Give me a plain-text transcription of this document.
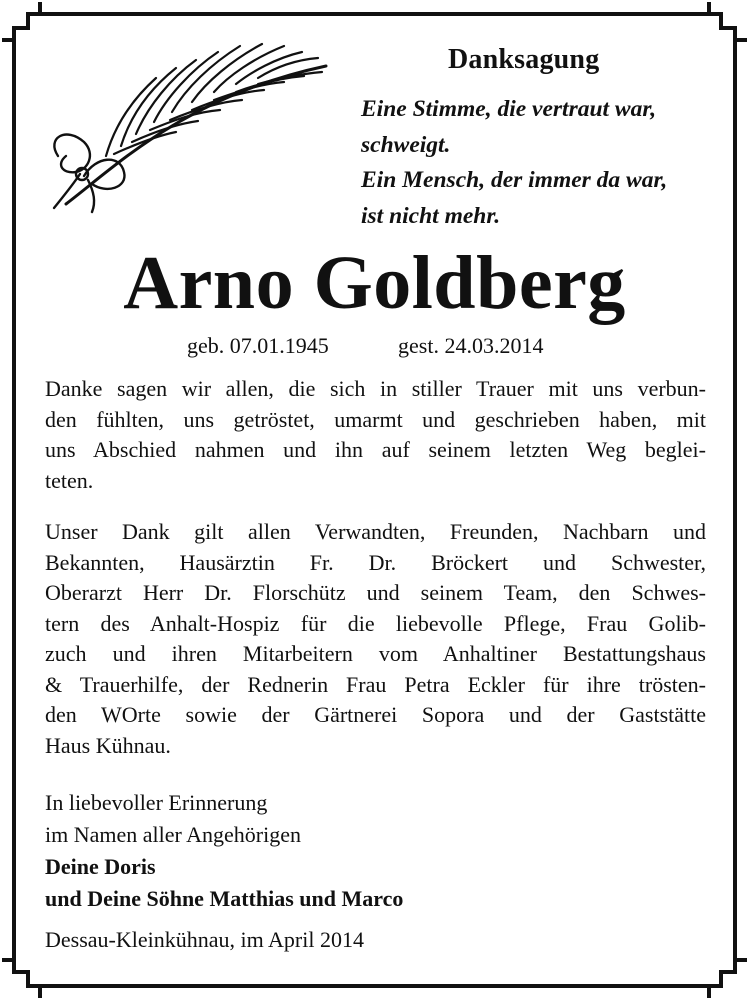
Danksagung
Eine Stimme, die vertraut war,
schweigt.
Ein Mensch, der immer da war,
ist nicht mehr.
Arno Goldberg
geb. 07.01.1945	gest. 24.03.2014
Danke sagen wir allen, die sich in stiller Trauer mit uns verbun-
den fühlten, uns getröstet, umarmt und geschrieben haben, mit
uns Abschied nahmen und ihn auf seinem letzten Weg beglei-
teten.
Unser Dank gilt allen Verwandten, Freunden, Nachbarn und
Bekannten, Hausärztin Fr. Dr. Bröckert und Schwester,
Oberarzt Herr Dr. Florschütz und seinem Team, den Schwes-
tern des Anhalt-Hospiz für die liebevolle Pflege, Frau Golib-
zuch und ihren Mitarbeitern vom Anhaltiner Bestattungshaus
& Trauerhilfe, der Rednerin Frau Petra Eckler für ihre trösten-
den WOrte sowie der Gärtnerei Sopora und der Gaststätte
Haus Kühnau.
In liebevoller Erinnerung
im Namen aller Angehörigen
Deine Doris
und Deine Söhne Matthias und Marco
Dessau-Kleinkühnau, im April 2014
